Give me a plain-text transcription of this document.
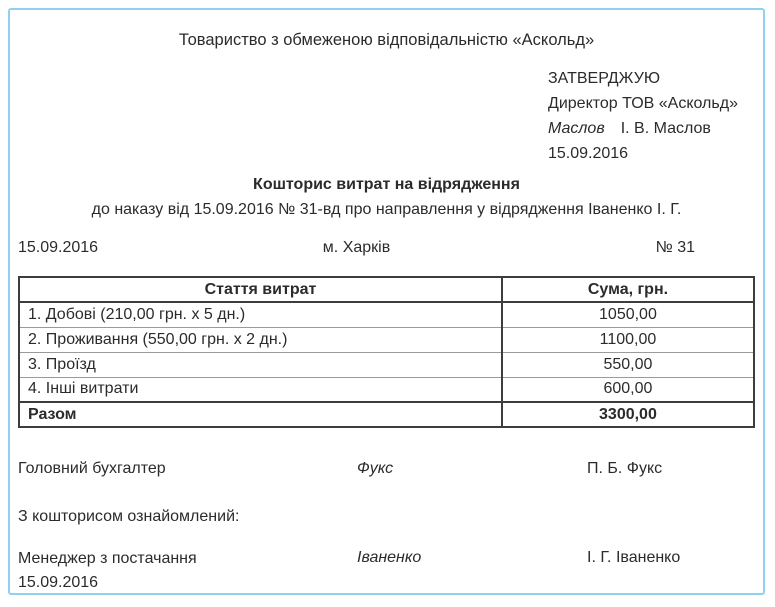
Товариство з обмеженою відповідальністю «Аскольд»
ЗАТВЕРДЖУЮ
Директор ТОВ «Аскольд»
Маслов І. В. Маслов
15.09.2016
Кошторис витрат на відрядження
до наказу від 15.09.2016 № 31-вд про направлення у відрядження Іваненко І. Г.
15.09.2016	м. Харків	№ 31
Стаття витрат	Сума, грн.
1. Добові (210,00 грн. х 5 дн.)	1050,00
2. Проживання (550,00 грн. х 2 дн.)	1100,00
3. Проїзд	550,00
4. Інші витрати	600,00
Разом	3300,00
Головний бухгалтер	Фукс	П. Б. Фукс
З кошторисом ознайомлений:
Менеджер з постачання
15.09.2016
Іваненко	І. Г. Іваненко
